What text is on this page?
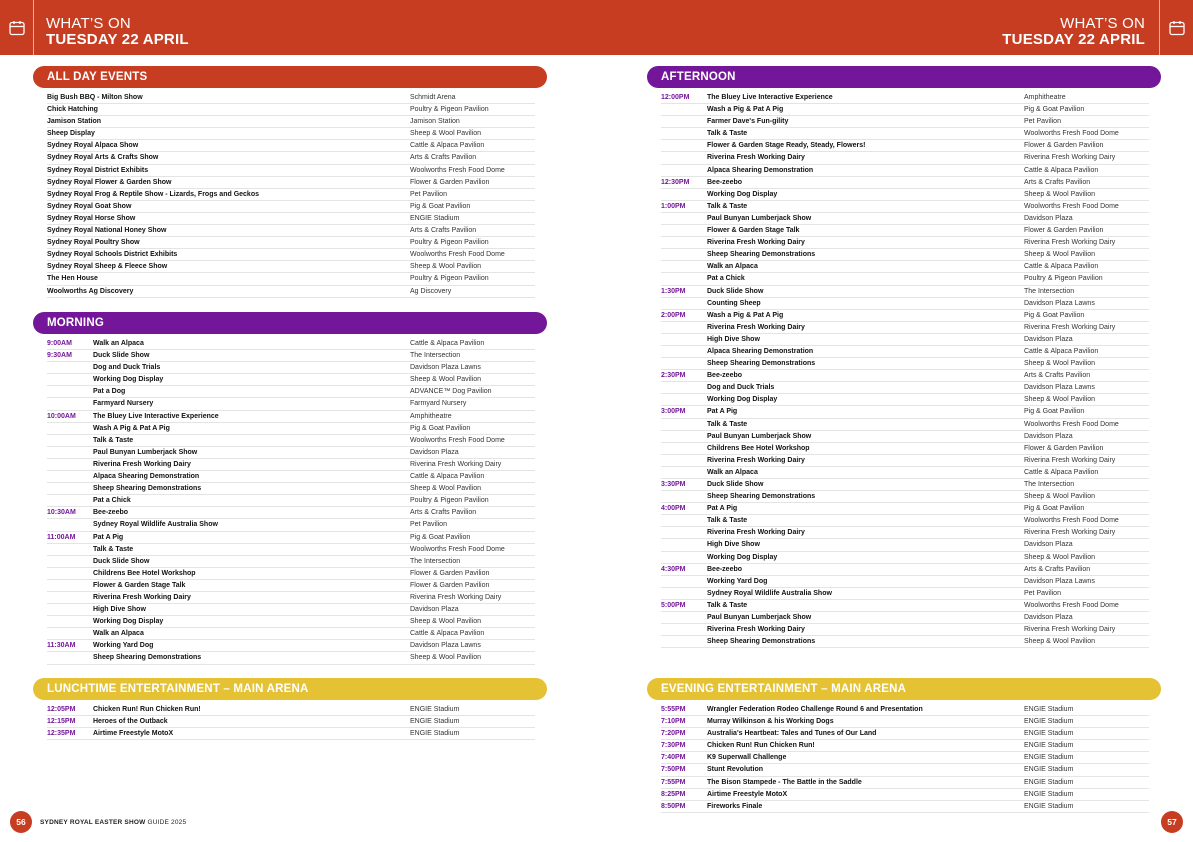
WHAT’S ON
TUESDAY 22 APRIL
WHAT’S ON
TUESDAY 22 APRIL
ALL DAY EVENTS
Big Bush BBQ - Milton Show	Schmidt Arena
Chick Hatching	Poultry & Pigeon Pavilion
Jamison Station	Jamison Station
Sheep Display	Sheep & Wool Pavilion
Sydney Royal Alpaca Show	Cattle & Alpaca Pavilion
Sydney Royal Arts & Crafts Show	Arts & Crafts Pavilion
Sydney Royal District Exhibits	Woolworths Fresh Food Dome
Sydney Royal Flower & Garden Show	Flower & Garden Pavilion
Sydney Royal Frog & Reptile Show - Lizards, Frogs and Geckos	Pet Pavilion
Sydney Royal Goat Show	Pig & Goat Pavilion
Sydney Royal Horse Show	ENGIE Stadium
Sydney Royal National Honey Show	Arts & Crafts Pavilion
Sydney Royal Poultry Show	Poultry & Pigeon Pavilion
Sydney Royal Schools District Exhibits	Woolworths Fresh Food Dome
Sydney Royal Sheep & Fleece Show	Sheep & Wool Pavilion
The Hen House	Poultry & Pigeon Pavilion
Woolworths Ag Discovery	Ag Discovery
MORNING
9:00AM	Walk an Alpaca	Cattle & Alpaca Pavilion
9:30AM	Duck Slide Show	The Intersection
Dog and Duck Trials	Davidson Plaza Lawns
Working Dog Display	Sheep & Wool Pavilion
Pat a Dog	ADVANCE™ Dog Pavilion
Farmyard Nursery	Farmyard Nursery
10:00AM	The Bluey Live Interactive Experience	Amphitheatre
Wash A Pig & Pat A Pig	Pig & Goat Pavilion
Talk & Taste	Woolworths Fresh Food Dome
Paul Bunyan Lumberjack Show	Davidson Plaza
Riverina Fresh Working Dairy	Riverina Fresh Working Dairy
Alpaca Shearing Demonstration	Cattle & Alpaca Pavilion
Sheep Shearing Demonstrations	Sheep & Wool Pavilion
Pat a Chick	Poultry & Pigeon Pavilion
10:30AM	Bee-zeebo	Arts & Crafts Pavilion
Sydney Royal Wildlife Australia Show	Pet Pavilion
11:00AM	Pat A Pig	Pig & Goat Pavilion
Talk & Taste	Woolworths Fresh Food Dome
Duck Slide Show	The Intersection
Childrens Bee Hotel Workshop	Flower & Garden Pavilion
Flower & Garden Stage Talk	Flower & Garden Pavilion
Riverina Fresh Working Dairy	Riverina Fresh Working Dairy
High Dive Show	Davidson Plaza
Working Dog Display	Sheep & Wool Pavilion
Walk an Alpaca	Cattle & Alpaca Pavilion
11:30AM	Working Yard Dog	Davidson Plaza Lawns
Sheep Shearing Demonstrations	Sheep & Wool Pavilion
LUNCHTIME ENTERTAINMENT – MAIN ARENA
12:05PM	Chicken Run! Run Chicken Run!	ENGIE Stadium
12:15PM	Heroes of the Outback	ENGIE Stadium
12:35PM	Airtime Freestyle MotoX	ENGIE Stadium
AFTERNOON
12:00PM	The Bluey Live Interactive Experience	Amphitheatre
Wash a Pig & Pat A Pig	Pig & Goat Pavilion
Farmer Dave's Fun-gility	Pet Pavilion
Talk & Taste	Woolworths Fresh Food Dome
Flower & Garden Stage Ready, Steady, Flowers!	Flower & Garden Pavilion
Riverina Fresh Working Dairy	Riverina Fresh Working Dairy
Alpaca Shearing Demonstration	Cattle & Alpaca Pavilion
12:30PM	Bee-zeebo	Arts & Crafts Pavilion
Working Dog Display	Sheep & Wool Pavilion
1:00PM	Talk & Taste	Woolworths Fresh Food Dome
Paul Bunyan Lumberjack Show	Davidson Plaza
Flower & Garden Stage Talk	Flower & Garden Pavilion
Riverina Fresh Working Dairy	Riverina Fresh Working Dairy
Sheep Shearing Demonstrations	Sheep & Wool Pavilion
Walk an Alpaca	Cattle & Alpaca Pavilion
Pat a Chick	Poultry & Pigeon Pavilion
1:30PM	Duck Slide Show	The Intersection
Counting Sheep	Davidson Plaza Lawns
2:00PM	Wash a Pig & Pat A Pig	Pig & Goat Pavilion
Riverina Fresh Working Dairy	Riverina Fresh Working Dairy
High Dive Show	Davidson Plaza
Alpaca Shearing Demonstration	Cattle & Alpaca Pavilion
Sheep Shearing Demonstrations	Sheep & Wool Pavilion
2:30PM	Bee-zeebo	Arts & Crafts Pavilion
Dog and Duck Trials	Davidson Plaza Lawns
Working Dog Display	Sheep & Wool Pavilion
3:00PM	Pat A Pig	Pig & Goat Pavilion
Talk & Taste	Woolworths Fresh Food Dome
Paul Bunyan Lumberjack Show	Davidson Plaza
Childrens Bee Hotel Workshop	Flower & Garden Pavilion
Riverina Fresh Working Dairy	Riverina Fresh Working Dairy
Walk an Alpaca	Cattle & Alpaca Pavilion
3:30PM	Duck Slide Show	The Intersection
Sheep Shearing Demonstrations	Sheep & Wool Pavilion
4:00PM	Pat A Pig	Pig & Goat Pavilion
Talk & Taste	Woolworths Fresh Food Dome
Riverina Fresh Working Dairy	Riverina Fresh Working Dairy
High Dive Show	Davidson Plaza
Working Dog Display	Sheep & Wool Pavilion
4:30PM	Bee-zeebo	Arts & Crafts Pavilion
Working Yard Dog	Davidson Plaza Lawns
Sydney Royal Wildlife Australia Show	Pet Pavilion
5:00PM	Talk & Taste	Woolworths Fresh Food Dome
Paul Bunyan Lumberjack Show	Davidson Plaza
Riverina Fresh Working Dairy	Riverina Fresh Working Dairy
Sheep Shearing Demonstrations	Sheep & Wool Pavilion
EVENING ENTERTAINMENT – MAIN ARENA
5:55PM	Wrangler Federation Rodeo Challenge Round 6 and Presentation	ENGIE Stadium
7:10PM	Murray Wilkinson & his Working Dogs	ENGIE Stadium
7:20PM	Australia's Heartbeat: Tales and Tunes of Our Land	ENGIE Stadium
7:30PM	Chicken Run! Run Chicken Run!	ENGIE Stadium
7:40PM	K9 Superwall Challenge	ENGIE Stadium
7:50PM	Stunt Revolution	ENGIE Stadium
7:55PM	The Bison Stampede - The Battle in the Saddle	ENGIE Stadium
8:25PM	Airtime Freestyle MotoX	ENGIE Stadium
8:50PM	Fireworks Finale	ENGIE Stadium
56	SYDNEY ROYAL EASTER SHOW GUIDE 2025	57
